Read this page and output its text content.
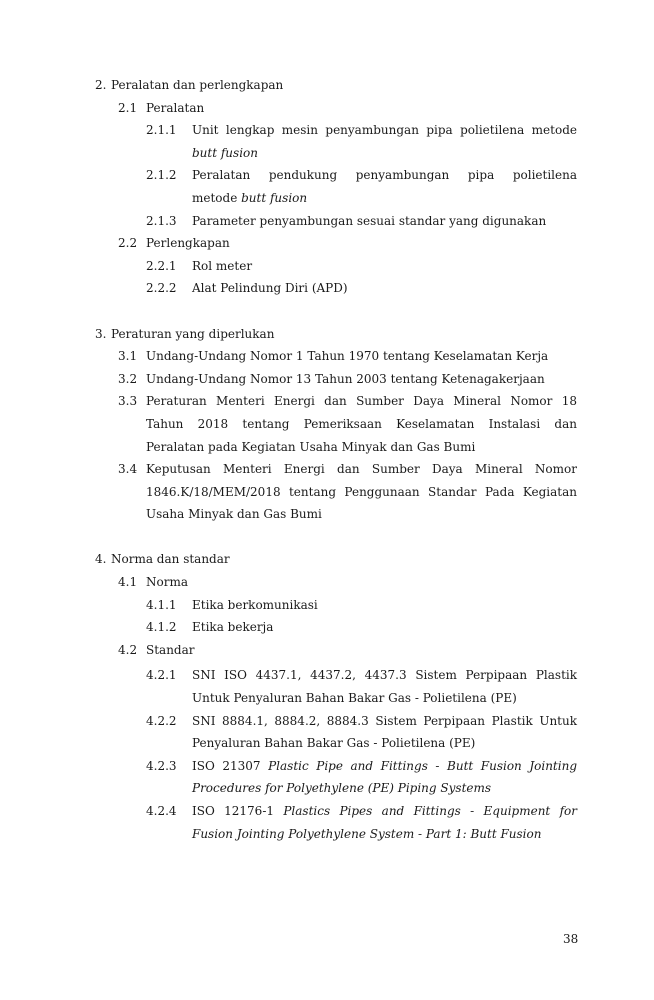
2. Peralatan dan perlengkapan
2.1 Peralatan
2.1.1 Unit lengkap mesin penyambungan pipa polietilena metode
butt fusion
2.1.2 Peralatan pendukung penyambungan pipa polietilena
metode butt fusion
2.1.3 Parameter penyambungan sesuai standar yang digunakan
2.2 Perlengkapan
2.2.1 Rol meter
2.2.2 Alat Pelindung Diri (APD)
3. Peraturan yang diperlukan
3.1 Undang-Undang Nomor 1 Tahun 1970 tentang Keselamatan Kerja
3.2 Undang-Undang Nomor 13 Tahun 2003 tentang Ketenagakerjaan
3.3 Peraturan Menteri Energi dan Sumber Daya Mineral Nomor 18
Tahun 2018 tentang Pemeriksaan Keselamatan Instalasi dan
Peralatan pada Kegiatan Usaha Minyak dan Gas Bumi
3.4 Keputusan Menteri Energi dan Sumber Daya Mineral Nomor
1846.K/18/MEM/2018 tentang Penggunaan Standar Pada Kegiatan
Usaha Minyak dan Gas Bumi
4. Norma dan standar
4.1 Norma
4.1.1 Etika berkomunikasi
4.1.2 Etika bekerja
4.2 Standar
4.2.1 SNI ISO 4437.1, 4437.2, 4437.3 Sistem Perpipaan Plastik
Untuk Penyaluran Bahan Bakar Gas - Polietilena (PE)
4.2.2 SNI 8884.1, 8884.2, 8884.3 Sistem Perpipaan Plastik Untuk
Penyaluran Bahan Bakar Gas - Polietilena (PE)
4.2.3 ISO 21307 Plastic Pipe and Fittings - Butt Fusion Jointing
Procedures for Polyethylene (PE) Piping Systems
4.2.4 ISO 12176-1 Plastics Pipes and Fittings - Equipment for
Fusion Jointing Polyethylene System - Part 1: Butt Fusion
38
